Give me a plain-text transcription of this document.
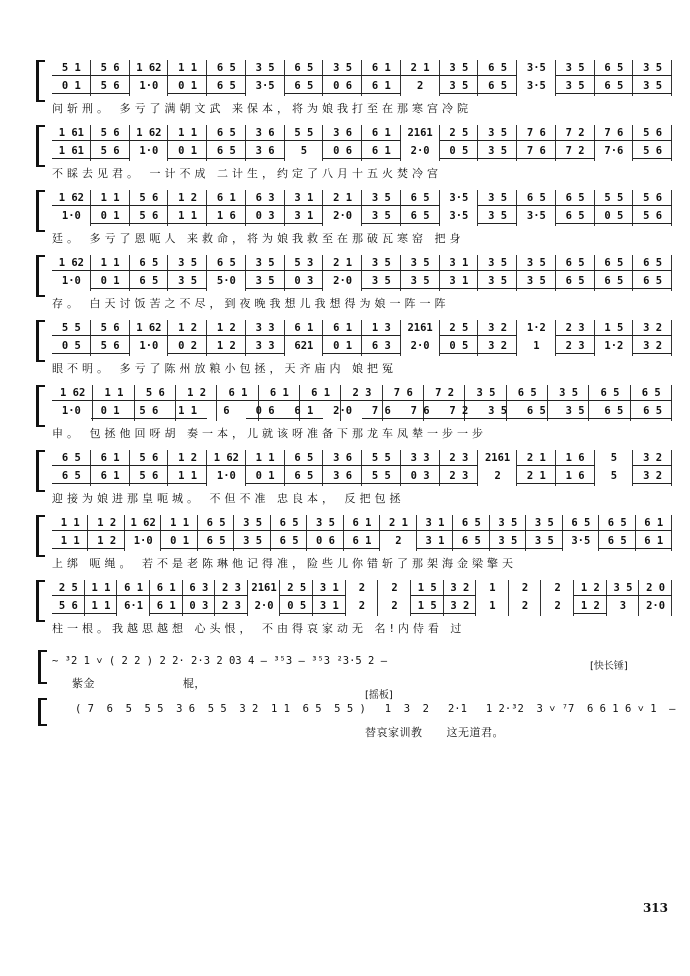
5 1	5 6	1 62	1 1	6 5	3 5	6 5	3 5	6 1	2 1	3 5	6 5	3·5	3 5	6 5	3 5
0 1	5 6	1·0	0 1	6 5	3·5	6 5	0 6	6 1	2	3 5	6 5	3·5	3 5	6 5	3 5
问斩刑。 多亏了满朝文武 来保本，将为娘我打至在那寒宫冷院
1 61	5 6	1 62	1 1	6 5	3 6	5 5	3 6	6 1	2161	2 5	3 5	7 6	7 2	7 6	5 6
1 61	5 6	1·0	0 1	6 5	3 6	5	0 6	6 1	2·0	0 5	3 5	7 6	7 2	7·6	5 6
不睬去见君。 一计不成 二计生，约定了八月十五火焚冷宫
1 62	1 1	5 6	1 2	6 1	6 3	3 1	2 1	3 5	6 5	3·5	3 5	6 5	6 5	5 5	5 6
1·0	0 1	5 6	1 1	1 6	0 3	3 1	2·0	3 5	6 5	3·5	3 5	3·5	6 5	0 5	5 6
廷。 多亏了恩呃人 来救命，将为娘我救至在那破瓦寒窑 把身
1 62	1 1	6 5	3 5	6 5	3 5	5 3	2 1	3 5	3 5	3 1	3 5	3 5	6 5	6 5	6 5
1·0	0 1	6 5	3 5	5·0	3 5	0 3	2·0	3 5	3 5	3 1	3 5	3 5	6 5	6 5	6 5
存。 白天讨饭苦之不尽，到夜晚我想儿我想得为娘一阵一阵
5 5	5 6	1 62	1 2	1 2	3 3	6 1	6 1	1 3	2161	2 5	3 2	1·2	2 3	1 5	3 2
0 5	5 6	1·0	0 2	1 2	3 3	621	0 1	6 3	2·0	0 5	3 2	1	2 3	1·2	3 2
眼不明。 多亏了陈州放粮小包拯，天齐庙内 娘把冤
1 62	1 1	5 6	1 2	6 1	6 1	6 1	2 3	7 6	7 2	3 5	6 5	3 5	6 5	6 5
1·0	0 1	5 6	1 1	6	0 6	6 1	2·0	7 6	7 6	7 2	3 5	6 5	3 5	6 5	6 5
申。 包拯他回呀胡 奏一本，儿就该呀准备下那龙车凤辇一步一步
6 5	6 1	5 6	1 2	1 62	1 1	6 5	3 6	5 5	3 3	2 3	2161	2 1	1 6	5	3 2
6 5	6 1	5 6	1 1	1·0	0 1	6 5	3 6	5 5	0 3	2 3	2	2 1	1 6	5	3 2
迎接为娘进那皇呃城。 不但不准 忠良本， 反把包拯
1 1	1 2	1 62	1 1	6 5	3 5	6 5	3 5	6 1	2 1	3 1	6 5	3 5	3 5	6 5	6 5	6 1
1 1	1 2	1·0	0 1	6 5	3 5	6 5	0 6	6 1	2	3 1	6 5	3 5	3 5	3·5	6 5	6 1
上绑 呃绳。 若不是老陈琳他记得准，险些儿你错斩了那架海金梁擎天
2 5	1 1	6 1	6 1	6 3	2 3 2161	2 5	3 1	2	2	1 5	3 2	1	2	2	1 2	3 5	2 0
5 6	1 1	6·1	6 1	0 3	2 3	2·0	0 5	3 1	2	2	1 5	3 2	1	2	2	1 2	3	2·0
柱一根。我越思越想 心头恨， 不由得哀家动无 名!内侍看 过
~ ³2 1 ˅ ( 2 2 ) 2 2· 2·3 2 03 4 – ³⁵3 – ³⁵3 ²3·5 2 –	[快长锤]
紫金                      棍，
[摇板]
( 7  6  5  5 5  3 6  5 5  3 2  1 1  6 5  5 5 )   1  3  2   2·1   1 2·³2  3 ˅ ⁷7  6 6 1 6 ˅ 1  –
替哀家训教      这无道君。
313
